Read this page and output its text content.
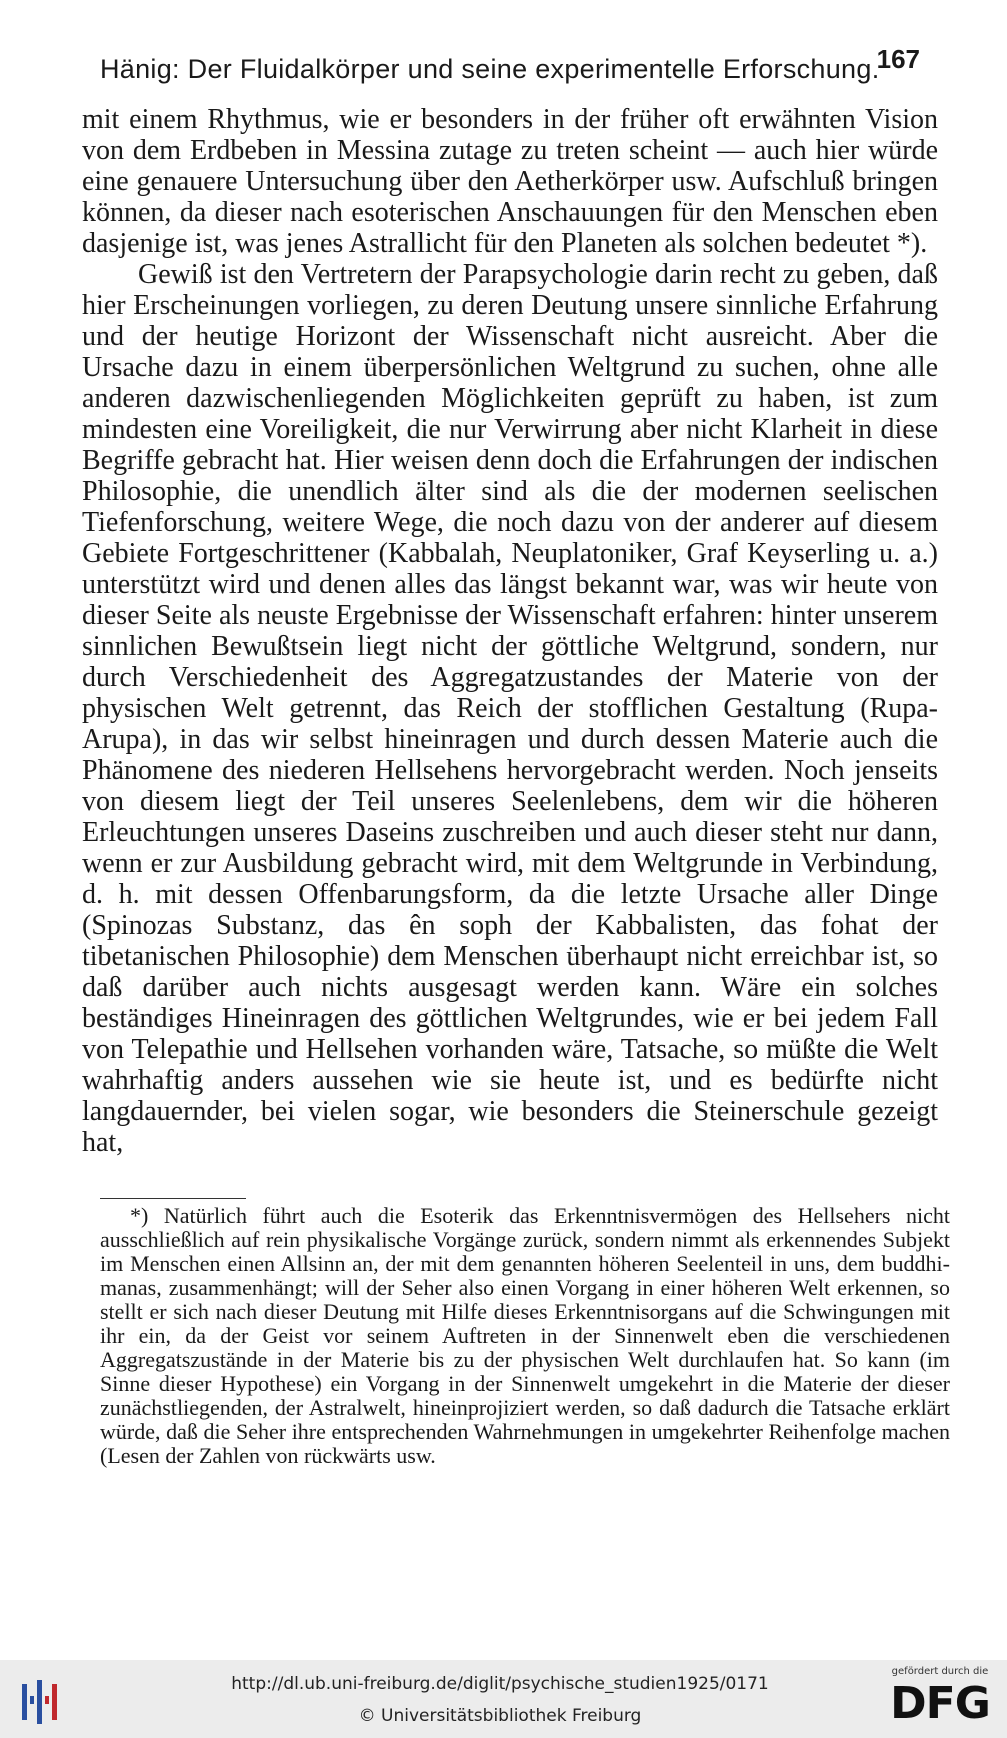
Hänig: Der Fluidalkörper und seine experimentelle Erforschung.
167

mit einem Rhythmus, wie er besonders in der früher oft erwähnten Vision von dem Erdbeben in Messina zutage zu treten scheint — auch hier würde eine genauere Untersuchung über den Aetherkörper usw. Aufschluß bringen können, da dieser nach esoterischen Anschauungen für den Menschen eben dasjenige ist, was jenes Astrallicht für den Planeten als solchen bedeutet *).

Gewiß ist den Vertretern der Parapsychologie darin recht zu geben, daß hier Erscheinungen vorliegen, zu deren Deutung unsere sinnliche Erfahrung und der heutige Horizont der Wissenschaft nicht ausreicht. Aber die Ursache dazu in einem überpersönlichen Weltgrund zu suchen, ohne alle anderen dazwischenliegenden Möglichkeiten geprüft zu haben, ist zum mindesten eine Voreiligkeit, die nur Verwirrung aber nicht Klarheit in diese Begriffe gebracht hat. Hier weisen denn doch die Erfahrungen der indischen Philosophie, die unendlich älter sind als die der modernen seelischen Tiefenforschung, weitere Wege, die noch dazu von der anderer auf diesem Gebiete Fortgeschrittener (Kabbalah, Neuplatoniker, Graf Keyserling u. a.) unterstützt wird und denen alles das längst bekannt war, was wir heute von dieser Seite als neuste Ergebnisse der Wissenschaft erfahren: hinter unserem sinnlichen Bewußtsein liegt nicht der göttliche Weltgrund, sondern, nur durch Verschiedenheit des Aggregatzustandes der Materie von der physischen Welt getrennt, das Reich der stofflichen Gestaltung (Rupa-Arupa), in das wir selbst hineinragen und durch dessen Materie auch die Phänomene des niederen Hellsehens hervorgebracht werden. Noch jenseits von diesem liegt der Teil unseres Seelenlebens, dem wir die höheren Erleuchtungen unseres Daseins zuschreiben und auch dieser steht nur dann, wenn er zur Ausbildung gebracht wird, mit dem Weltgrunde in Verbindung, d. h. mit dessen Offenbarungsform, da die letzte Ursache aller Dinge (Spinozas Substanz, das ên soph der Kabbalisten, das fohat der tibetanischen Philosophie) dem Menschen überhaupt nicht erreichbar ist, so daß darüber auch nichts ausgesagt werden kann. Wäre ein solches beständiges Hineinragen des göttlichen Weltgrundes, wie er bei jedem Fall von Telepathie und Hellsehen vorhanden wäre, Tatsache, so müßte die Welt wahrhaftig anders aussehen wie sie heute ist, und es bedürfte nicht langdauernder, bei vielen sogar, wie besonders die Steinerschule gezeigt hat,

*) Natürlich führt auch die Esoterik das Erkenntnisvermögen des Hellsehers nicht ausschließlich auf rein physikalische Vorgänge zurück, sondern nimmt als erkennendes Subjekt im Menschen einen Allsinn an, der mit dem genannten höheren Seelenteil in uns, dem buddhi-manas, zusammenhängt; will der Seher also einen Vorgang in einer höheren Welt erkennen, so stellt er sich nach dieser Deutung mit Hilfe dieses Erkenntnisorgans auf die Schwingungen mit ihr ein, da der Geist vor seinem Auftreten in der Sinnenwelt eben die verschiedenen Aggregatszustände in der Materie bis zu der physischen Welt durchlaufen hat. So kann (im Sinne dieser Hypothese) ein Vorgang in der Sinnenwelt umgekehrt in die Materie der dieser zunächstliegenden, der Astralwelt, hineinprojiziert werden, so daß dadurch die Tatsache erklärt würde, daß die Seher ihre entsprechenden Wahrnehmungen in umgekehrter Reihenfolge machen (Lesen der Zahlen von rückwärts usw.

http://dl.ub.uni-freiburg.de/diglit/psychische_studien1925/0171
© Universitätsbibliothek Freiburg
gefördert durch die
DFG
